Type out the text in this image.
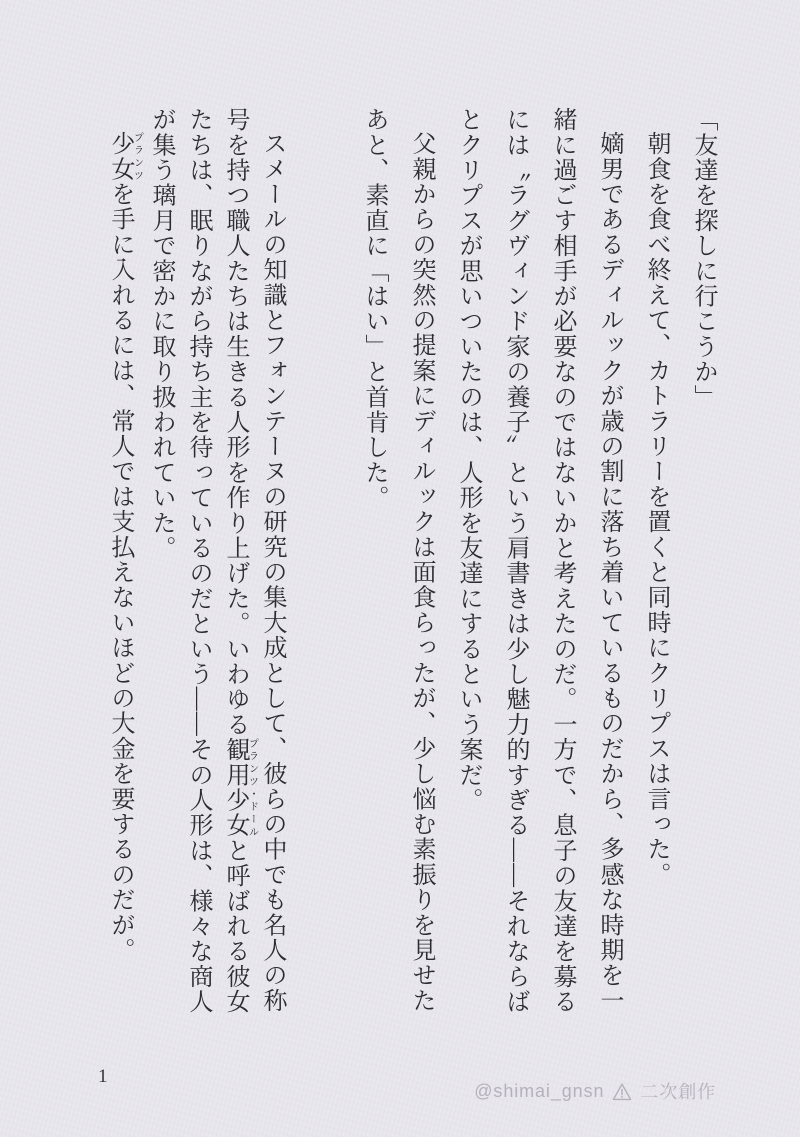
「友達を探しに行こうか」

朝食を食べ終えて、カトラリーを置くと同時にクリプスは言った。

嫡男であるディルックが歳の割に落ち着いているものだから、多感な時期を一緒に過ごす相手が必要なのではないかと考えたのだ。一方で、息子の友達を募るには〝ラグヴィンド家の養子〟という肩書きは少し魅力的すぎる――それならばとクリプスが思いついたのは、人形を友達にするという案だ。

父親からの突然の提案にディルックは面食らったが、少し悩む素振りを見せたあと、素直に「はい」と首肯した。

スメールの知識とフォンテーヌの研究の集大成として、彼らの中でも名人の称号を持つ職人たちは生きる人形を作り上げた。いわゆる観用少女プランツ・ドールと呼ばれる彼女たちは、眠りながら持ち主を待っているのだという――その人形は、様々な商人が集う璃月で密かに取り扱われていた。

少女プランツを手に入れるには、常人では支払えないほどの大金を要するのだが。

1
@shimai_gnsn 二次創作
